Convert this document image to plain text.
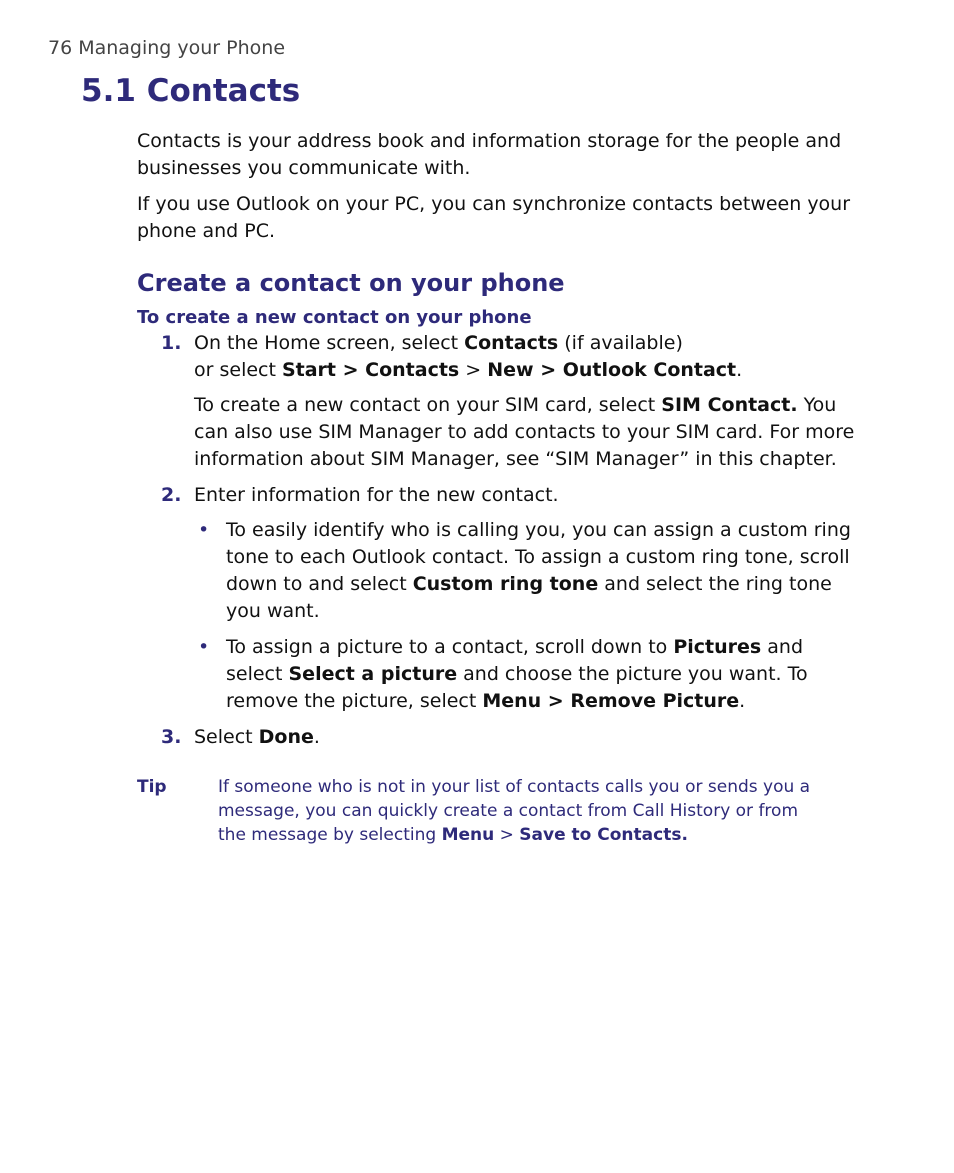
76 Managing your Phone
5.1 Contacts

Contacts is your address book and information storage for the people and businesses you communicate with.

If you use Outlook on your PC, you can synchronize contacts between your phone and PC.

Create a contact on your phone
To create a new contact on your phone
1. On the Home screen, select Contacts (if available)
or select Start > Contacts > New > Outlook Contact.
To create a new contact on your SIM card, select SIM Contact. You can also use SIM Manager to add contacts to your SIM card. For more information about SIM Manager, see “SIM Manager” in this chapter.
2. Enter information for the new contact.
• To easily identify who is calling you, you can assign a custom ring tone to each Outlook contact. To assign a custom ring tone, scroll down to and select Custom ring tone and select the ring tone you want.
• To assign a picture to a contact, scroll down to Pictures and select Select a picture and choose the picture you want. To remove the picture, select Menu > Remove Picture.
3. Select Done.
Tip	If someone who is not in your list of contacts calls you or sends you a message, you can quickly create a contact from Call History or from the message by selecting Menu > Save to Contacts.
